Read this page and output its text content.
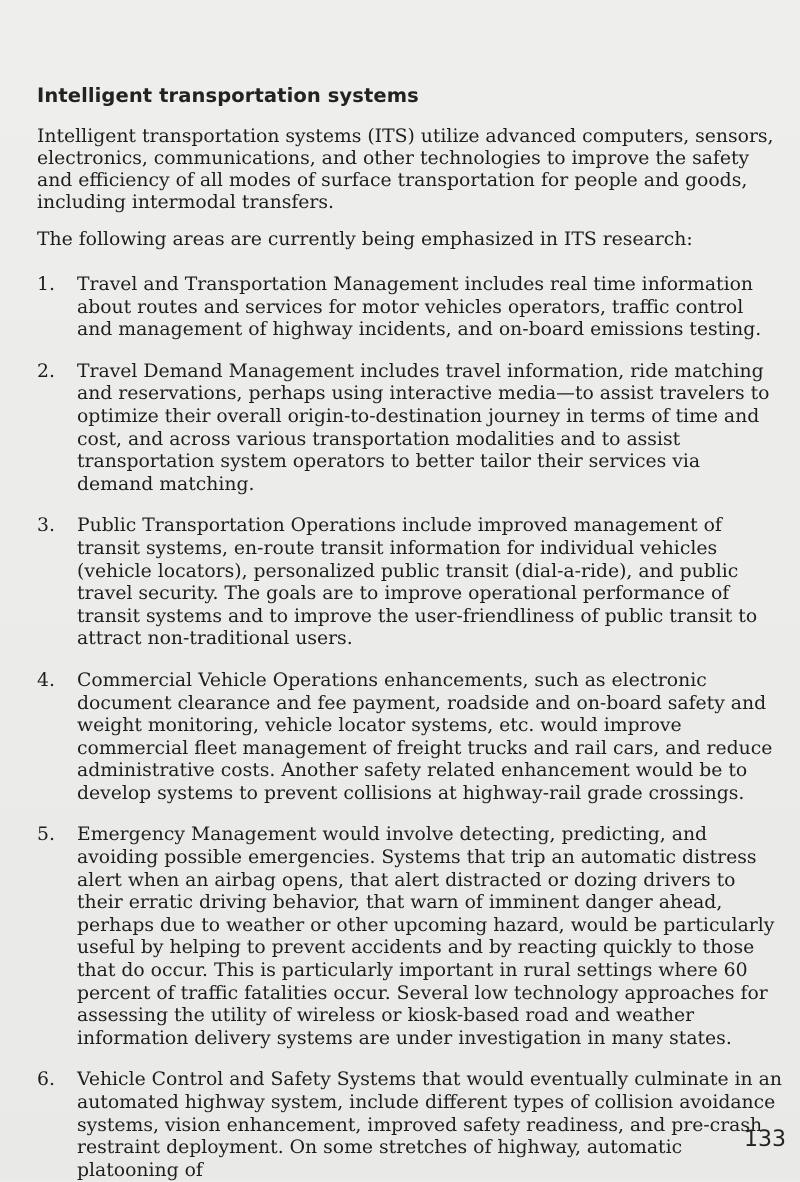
Intelligent transportation systems

Intelligent transportation systems (ITS) utilize advanced computers, sensors, electronics, communications, and other technologies to improve the safety and efficiency of all modes of surface transportation for people and goods, including intermodal transfers.

The following areas are currently being emphasized in ITS research:

1. Travel and Transportation Management includes real time information about routes and services for motor vehicles operators, traffic control and management of highway incidents, and on-board emissions testing.
2. Travel Demand Management includes travel information, ride matching and reservations, perhaps using interactive media—to assist travelers to optimize their overall origin-to-destination journey in terms of time and cost, and across various transportation modalities and to assist transportation system operators to better tailor their services via demand matching.
3. Public Transportation Operations include improved management of transit systems, en-route transit information for individual vehicles (vehicle locators), personalized public transit (dial-a-ride), and public travel security. The goals are to improve operational performance of transit systems and to improve the user-friendliness of public transit to attract non-traditional users.
4. Commercial Vehicle Operations enhancements, such as electronic document clearance and fee payment, roadside and on-board safety and weight monitoring, vehicle locator systems, etc. would improve commercial fleet management of freight trucks and rail cars, and reduce administrative costs. Another safety related enhancement would be to develop systems to prevent collisions at highway-rail grade crossings.
5. Emergency Management would involve detecting, predicting, and avoiding possible emergencies. Systems that trip an automatic distress alert when an airbag opens, that alert distracted or dozing drivers to their erratic driving behavior, that warn of imminent danger ahead, perhaps due to weather or other upcoming hazard, would be particularly useful by helping to prevent accidents and by reacting quickly to those that do occur. This is particularly important in rural settings where 60 percent of traffic fatalities occur. Several low technology approaches for assessing the utility of wireless or kiosk-based road and weather information delivery systems are under investigation in many states.
6. Vehicle Control and Safety Systems that would eventually culminate in an automated highway system, include different types of collision avoidance systems, vision enhancement, improved safety readiness, and pre-crash restraint deployment. On some stretches of highway, automatic platooning of
133
